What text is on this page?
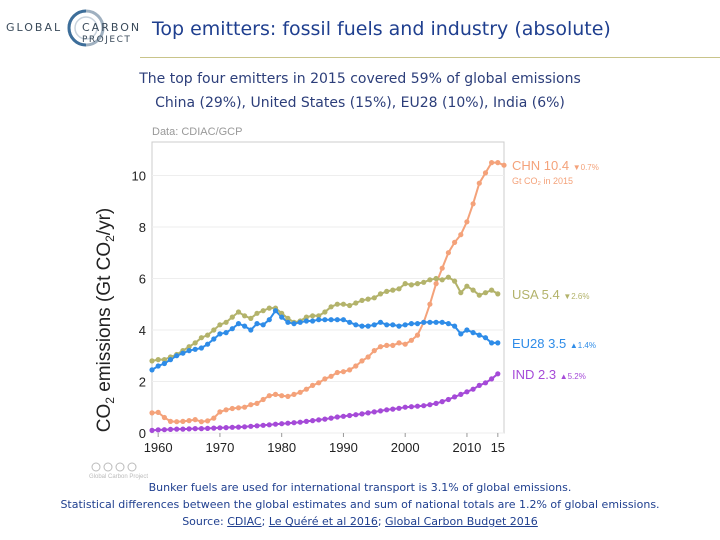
GLOBAL CARBON
PROJECT Top emitters: fossil fuels and industry (absolute)
The top four emitters in 2015 covered 59% of global emissions
China (29%), United States (15%), EU28 (10%), India (6%)
Data: CDIAC/GCP
$CO_2$ emissions (Gt $CO_2/yr$)
0
2
4
6
8
10
1960	1970	1980	1990	2000	2010 15
CHN 10.4 ▼0.7%
Gt CO₂ in 2015
USA 5.4 ▼2.6%
EU28 3.5 ▲1.4%
IND 2.3 ▲5.2%
Global Carbon Project
Bunker fuels are used for international transport is 3.1% of global emissions.
Statistical differences between the global estimates and sum of national totals are 1.2% of global emissions.
Source: CDIAC; Le Quéré et al 2016; Global Carbon Budget 2016
